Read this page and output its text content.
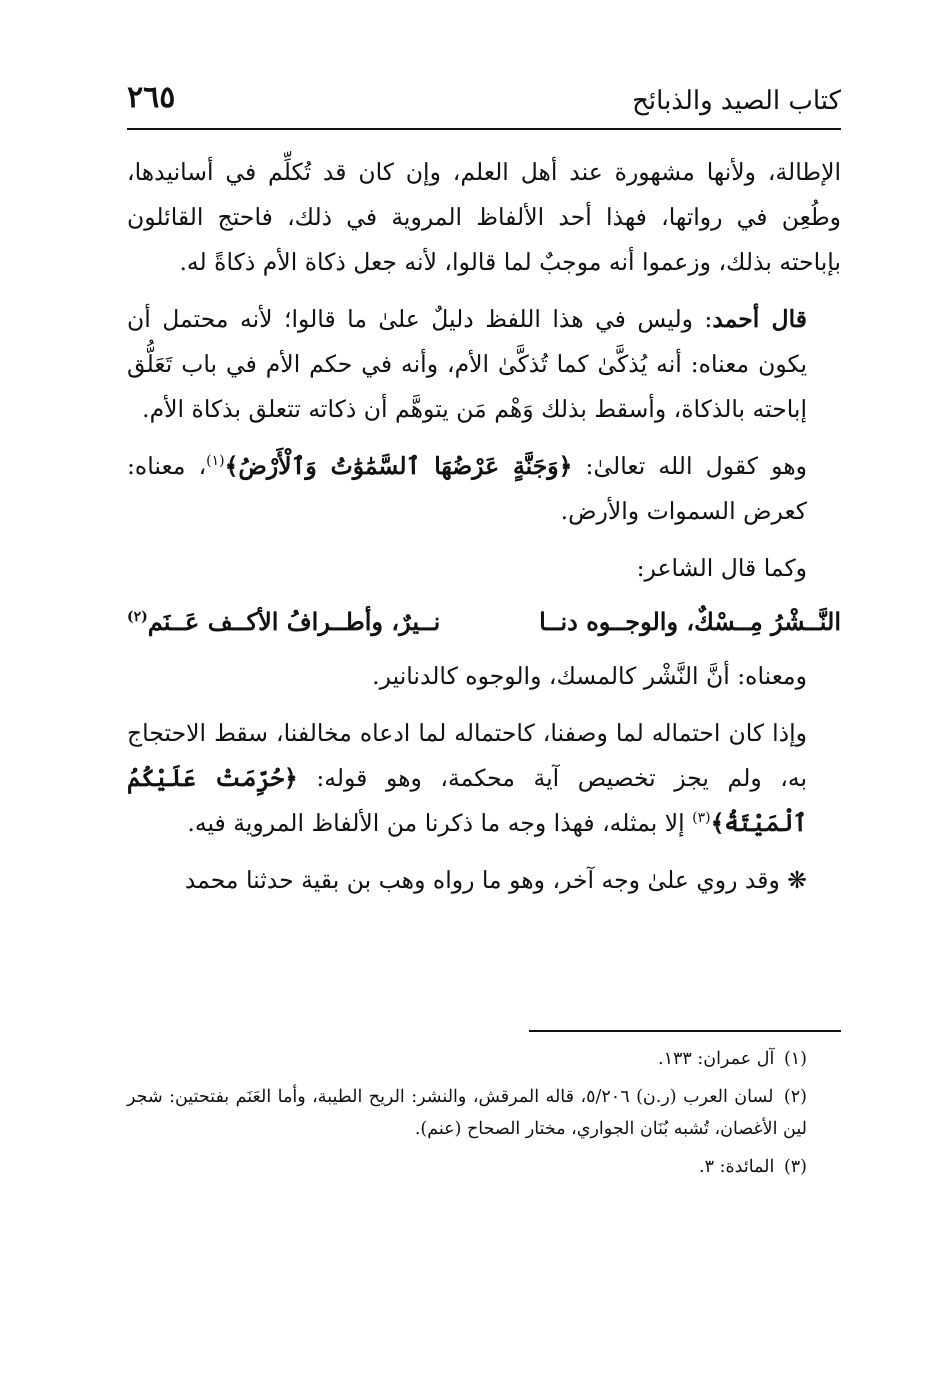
٢٦٥	كتاب الصيد والذبائح

الإطالة، ولأنها مشهورة عند أهل العلم، وإن كان قد تُكلِّم في أسانيدها، وطُعِن في رواتها، فهذا أحد الألفاظ المروية في ذلك، فاحتج القائلون بإباحته بذلك، وزعموا أنه موجبٌ لما قالوا، لأنه جعل ذكاة الأم ذكاةً له.

قال أحمد: وليس في هذا اللفظ دليلٌ علىٰ ما قالوا؛ لأنه محتمل أن يكون معناه: أنه يُذكَّىٰ كما تُذكَّىٰ الأم، وأنه في حكم الأم في باب تَعَلُّق إباحته بالذكاة، وأسقط بذلك وَهْم مَن يتوهَّم أن ذكاته تتعلق بذكاة الأم.

وهو كقول الله تعالىٰ: ﴿وَجَنَّةٍ عَرْضُهَا ٱلسَّمَٰوَٰتُ وَٱلْأَرْضُ﴾$^{(١)}$، معناه: كعرض السموات والأرض.

وكما قال الشاعر:

النَّــشْرُ مِــسْكٌ، والوجــوه دنــا
نــيرٌ، وأطــرافُ الأكــف عَــنَم$^{(٢)}$

ومعناه: أنَّ النَّشْر كالمسك، والوجوه كالدنانير.

وإذا كان احتماله لما وصفنا، كاحتماله لما ادعاه مخالفنا، سقط الاحتجاج به، ولم يجز تخصيص آية محكمة، وهو قوله: ﴿حُرِّمَتْ عَلَيْكُمُ ٱلْمَيْتَةُ﴾$^{(٣)}$ إلا بمثله، فهذا وجه ما ذكرنا من الألفاظ المروية فيه.

❋ وقد روي علىٰ وجه آخر، وهو ما رواه وهب بن بقية حدثنا محمد

(١) آل عمران: ١٣٣.

(٢) لسان العرب (ر.ن) ٥/٢٠٦، قاله المرقش، والنشر: الريح الطيبة، وأما العَنَم بفتحتين: شجر لين الأغصان، تُشبه بُنَان الجواري، مختار الصحاح (عنم).

(٣) المائدة: ٣.
